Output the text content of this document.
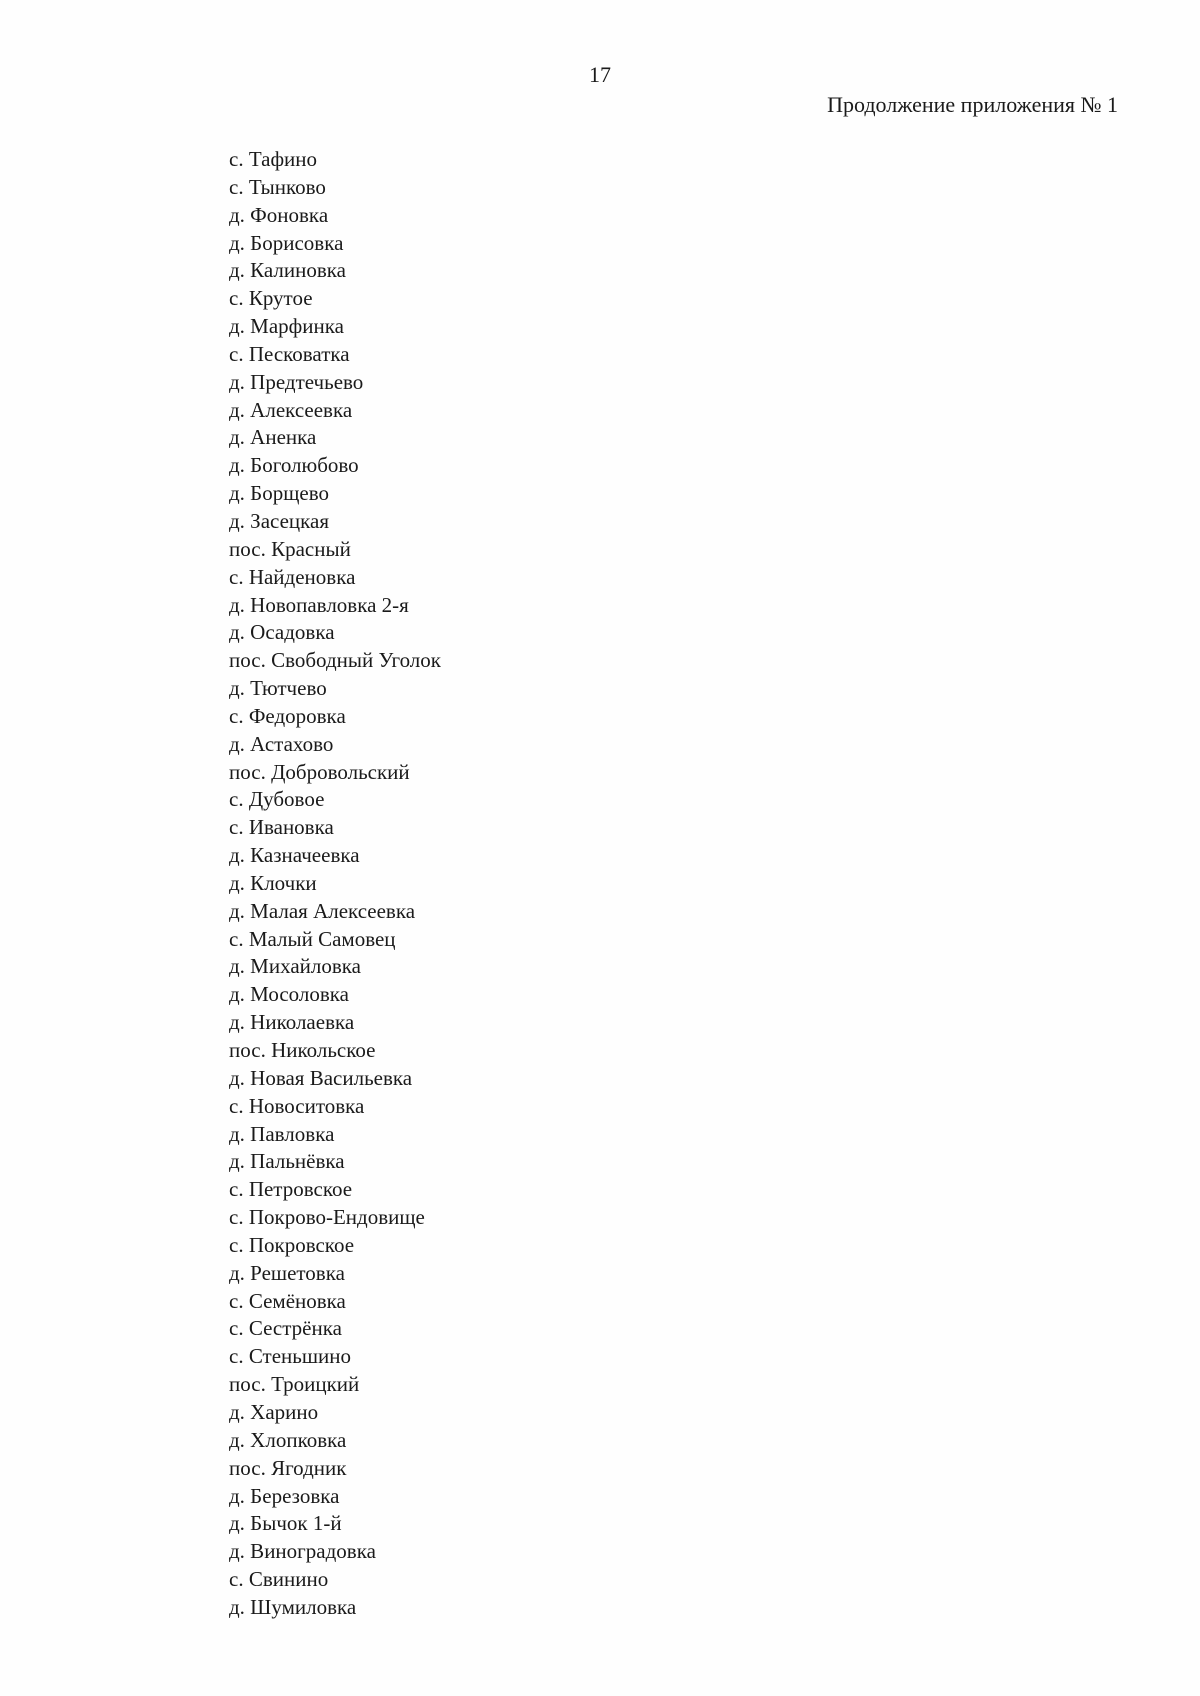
17
Продолжение приложения № 1
с. Тафино
с. Тынково
д. Фоновка
д. Борисовка
д. Калиновка
с. Крутое
д. Марфинка
с. Песковатка
д. Предтечьево
д. Алексеевка
д. Аненка
д. Боголюбово
д. Борщево
д. Засецкая
пос. Красный
с. Найденовка
д. Новопавловка 2-я
д. Осадовка
пос. Свободный Уголок
д. Тютчево
с. Федоровка
д. Астахово
пос. Добровольский
с. Дубовое
с. Ивановка
д. Казначеевка
д. Клочки
д. Малая Алексеевка
с. Малый Самовец
д. Михайловка
д. Мосоловка
д. Николаевка
пос. Никольское
д. Новая Васильевка
с. Новоситовка
д. Павловка
д. Пальнёвка
с. Петровское
с. Покрово-Ендовище
с. Покровское
д. Решетовка
с. Семёновка
с. Сестрёнка
с. Стеньшино
пос. Троицкий
д. Харино
д. Хлопковка
пос. Ягодник
д. Березовка
д. Бычок 1-й
д. Виноградовка
с. Свинино
д. Шумиловка
